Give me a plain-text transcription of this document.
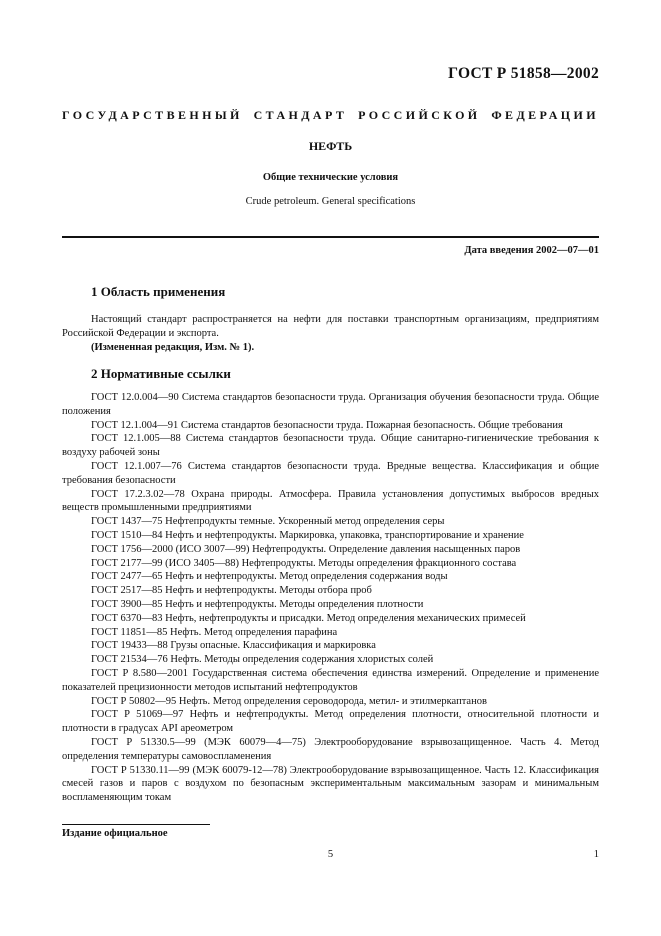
ГОСТ Р 51858—2002
ГОСУДАРСТВЕННЫЙ СТАНДАРТ РОССИЙСКОЙ ФЕДЕРАЦИИ
НЕФТЬ
Общие технические условия
Crude petroleum. General specifications
Дата введения 2002—07—01
1 Область применения

Настоящий стандарт распространяется на нефти для поставки транспортным организациям, предприятиям Российской Федерации и экспорта.

(Измененная редакция, Изм. № 1).

2 Нормативные ссылки

ГОСТ 12.0.004—90 Система стандартов безопасности труда. Организация обучения безопасности труда. Общие положения

ГОСТ 12.1.004—91 Система стандартов безопасности труда. Пожарная безопасность. Общие требования

ГОСТ 12.1.005—88 Система стандартов безопасности труда. Общие санитарно-гигиенические требования к воздуху рабочей зоны

ГОСТ 12.1.007—76 Система стандартов безопасности труда. Вредные вещества. Классификация и общие требования безопасности

ГОСТ 17.2.3.02—78 Охрана природы. Атмосфера. Правила установления допустимых выбросов вредных веществ промышленными предприятиями

ГОСТ 1437—75 Нефтепродукты темные. Ускоренный метод определения серы

ГОСТ 1510—84 Нефть и нефтепродукты. Маркировка, упаковка, транспортирование и хранение

ГОСТ 1756—2000 (ИСО 3007—99) Нефтепродукты. Определение давления насыщенных паров

ГОСТ 2177—99 (ИСО 3405—88) Нефтепродукты. Методы определения фракционного состава

ГОСТ 2477—65 Нефть и нефтепродукты. Метод определения содержания воды

ГОСТ 2517—85 Нефть и нефтепродукты. Методы отбора проб

ГОСТ 3900—85 Нефть и нефтепродукты. Методы определения плотности

ГОСТ 6370—83 Нефть, нефтепродукты и присадки. Метод определения механических примесей

ГОСТ 11851—85 Нефть. Метод определения парафина

ГОСТ 19433—88 Грузы опасные. Классификация и маркировка

ГОСТ 21534—76 Нефть. Методы определения содержания хлористых солей

ГОСТ Р 8.580—2001 Государственная система обеспечения единства измерений. Определение и применение показателей прецизионности методов испытаний нефтепродуктов

ГОСТ Р 50802—95 Нефть. Метод определения сероводорода, метил- и этилмеркаптанов

ГОСТ Р 51069—97 Нефть и нефтепродукты. Метод определения плотности, относительной плотности и плотности в градусах API ареометром

ГОСТ Р 51330.5—99 (МЭК 60079—4—75) Электрооборудование взрывозащищенное. Часть 4. Метод определения температуры самовоспламенения

ГОСТ Р 51330.11—99 (МЭК 60079-12—78) Электрооборудование взрывозащищенное. Часть 12. Классификация смесей газов и паров с воздухом по безопасным экспериментальным максимальным зазорам и минимальным воспламеняющим токам

Издание официальное
5	1
